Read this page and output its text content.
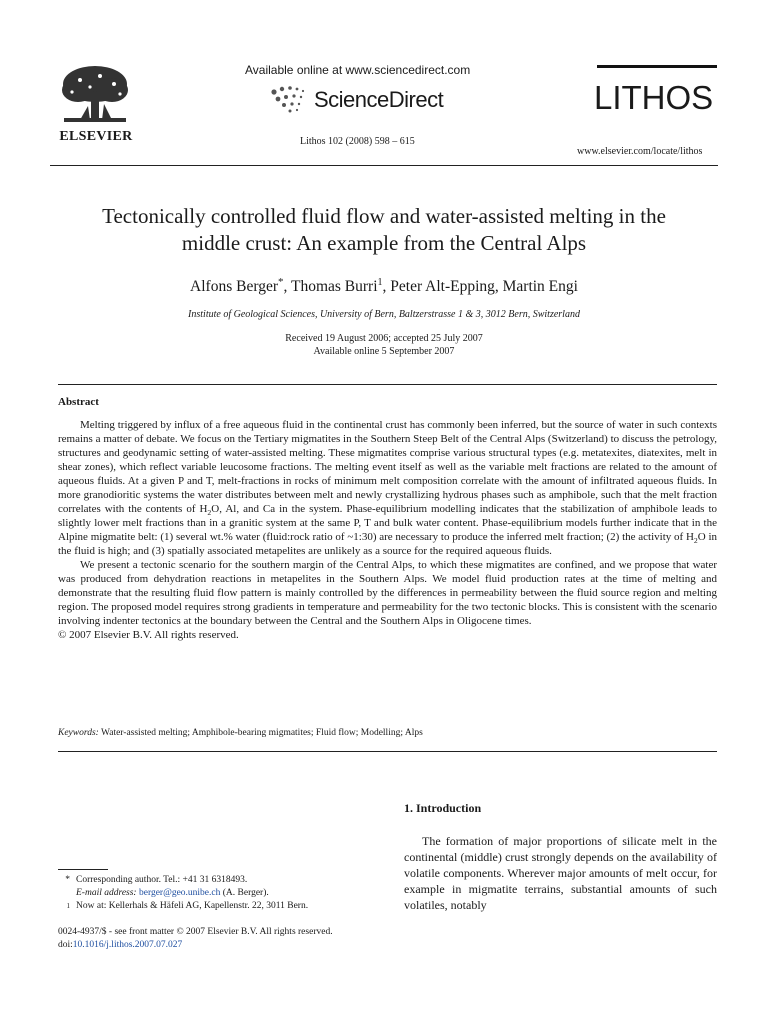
ELSEVIER
Available online at www.sciencedirect.com
ScienceDirect
Lithos 102 (2008) 598 – 615
LITHOS
www.elsevier.com/locate/lithos
Tectonically controlled fluid flow and water-assisted melting in the
middle crust: An example from the Central Alps
Alfons Berger*, Thomas Burri$^1$, Peter Alt-Epping, Martin Engi
Institute of Geological Sciences, University of Bern, Baltzerstrasse 1 & 3, 3012 Bern, Switzerland
Received 19 August 2006; accepted 25 July 2007
Available online 5 September 2007
Abstract

Melting triggered by influx of a free aqueous fluid in the continental crust has commonly been inferred, but the source of water in such contexts remains a matter of debate. We focus on the Tertiary migmatites in the Southern Steep Belt of the Central Alps (Switzerland) to discuss the petrology, structures and geodynamic setting of water-assisted melting. These migmatites comprise various structural types (e.g. metatexites, diatexites, melt in shear zones), which reflect variable leucosome fractions. The melting event itself as well as the variable melt fractions are related to the amount of aqueous fluids. At a given P and T, melt-fractions in rocks of minimum melt composition correlate with the amount of infiltrated aqueous fluids. In more granodioritic systems the water distributes between melt and newly crystallizing hydrous phases such as amphibole, such that the melt fraction correlates with the contents of $H_2O$, Al, and Ca in the system. Phase-equilibrium modelling indicates that the stabilization of amphibole leads to slightly lower melt fractions than in a granitic system at the same P, T and bulk water content. Phase-equilibrium models further indicate that in the Alpine migmatite belt: (1) several wt.% water (fluid:rock ratio of ~1:30) are necessary to produce the inferred melt fraction; (2) the activity of $H_2O$ in the fluid is high; and (3) spatially associated metapelites are unlikely as a source for the required aqueous fluids.

We present a tectonic scenario for the southern margin of the Central Alps, to which these migmatites are confined, and we propose that water was produced from dehydration reactions in metapelites in the Southern Alps. We model fluid production rates at the time of melting and demonstrate that the resulting fluid flow pattern is mainly controlled by the differences in permeability between the fluid source region and melting region. The proposed model requires strong gradients in temperature and permeability for the two tectonic blocks. This is consistent with the scenario involving indenter tectonics at the boundary between the Central and the Southern Alps in Oligocene times.

© 2007 Elsevier B.V. All rights reserved.

Keywords: Water-assisted melting; Amphibole-bearing migmatites; Fluid flow; Modelling; Alps
* Corresponding author. Tel.: +41 31 6318493.
E-mail address: berger@geo.unibe.ch (A. Berger).
1 Now at: Kellerhals & Häfeli AG, Kapellenstr. 22, 3011 Bern.
0024-4937/$ - see front matter © 2007 Elsevier B.V. All rights reserved.
doi:10.1016/j.lithos.2007.07.027
1. Introduction

The formation of major proportions of silicate melt in the continental (middle) crust strongly depends on the availability of volatile components. Wherever major amounts of melt occur, for example in migmatite terrains, substantial amounts of such volatiles, notably
